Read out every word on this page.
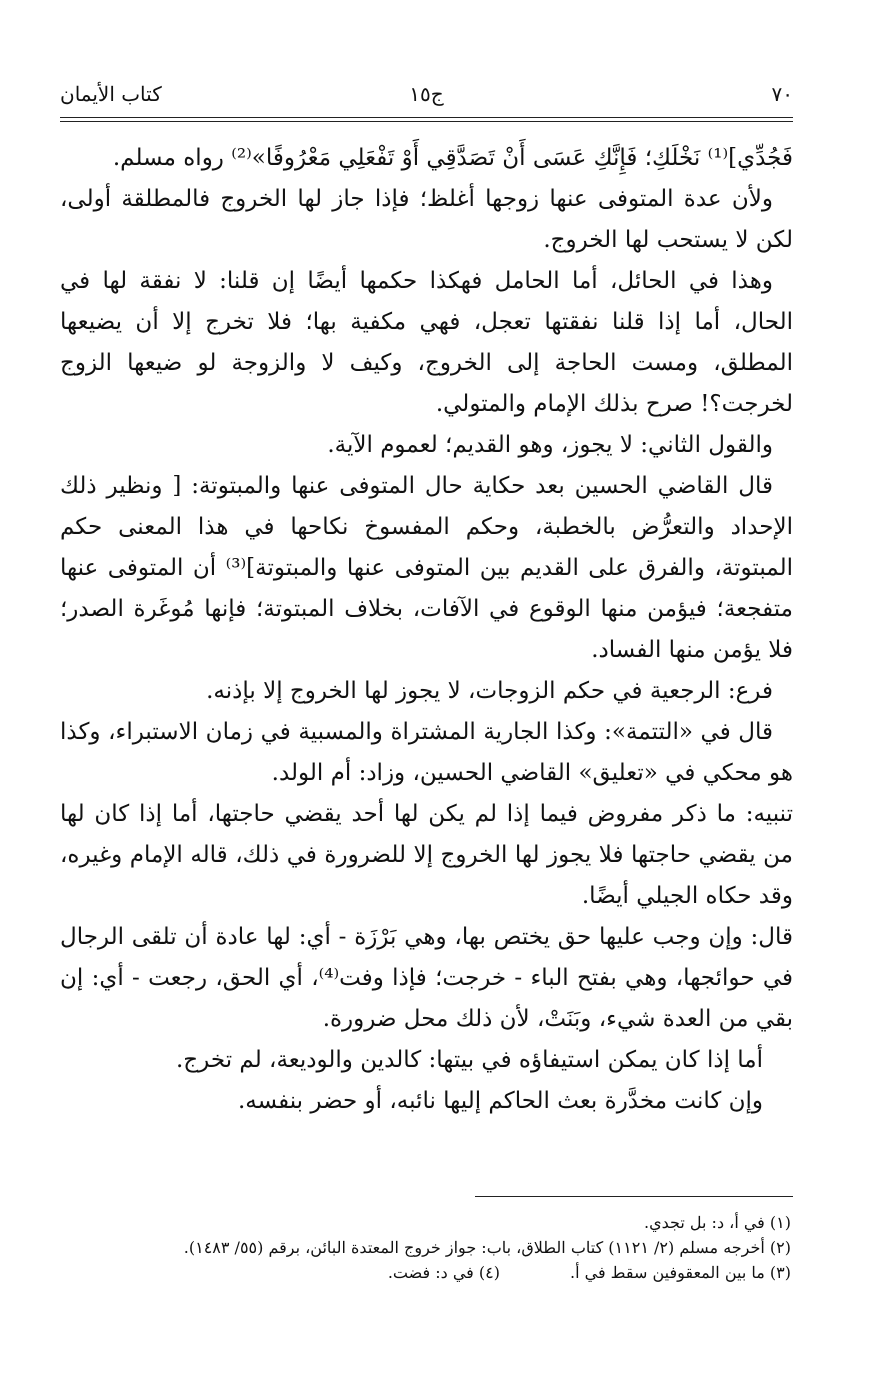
٧٠
ج١٥
كتاب الأيمان

فَجُدِّي]⁽¹⁾ نَخْلَكِ؛ فَإِنَّكِ عَسَى أَنْ تَصَدَّقِي أَوْ تَفْعَلِي مَعْرُوفًا»⁽²⁾ رواه مسلم.

ولأن عدة المتوفى عنها زوجها أغلظ؛ فإذا جاز لها الخروج فالمطلقة أولى، لكن لا يستحب لها الخروج.

وهذا في الحائل، أما الحامل فهكذا حكمها أيضًا إن قلنا: لا نفقة لها في الحال، أما إذا قلنا نفقتها تعجل، فهي مكفية بها؛ فلا تخرج إلا أن يضيعها المطلق، ومست الحاجة إلى الخروج، وكيف لا والزوجة لو ضيعها الزوج لخرجت؟! صرح بذلك الإمام والمتولي.

والقول الثاني: لا يجوز، وهو القديم؛ لعموم الآية.

قال القاضي الحسين بعد حكاية حال المتوفى عنها والمبتوتة: [ ونظير ذلك الإحداد والتعرُّض بالخطبة، وحكم المفسوخ نكاحها في هذا المعنى حكم المبتوتة، والفرق على القديم بين المتوفى عنها والمبتوتة]⁽³⁾ أن المتوفى عنها متفجعة؛ فيؤمن منها الوقوع في الآفات، بخلاف المبتوتة؛ فإنها مُوغَرة الصدر؛ فلا يؤمن منها الفساد.

فرع: الرجعية في حكم الزوجات، لا يجوز لها الخروج إلا بإذنه.

قال في «التتمة»: وكذا الجارية المشتراة والمسبية في زمان الاستبراء، وكذا هو محكي في «تعليق» القاضي الحسين، وزاد: أم الولد.

تنبيه: ما ذكر مفروض فيما إذا لم يكن لها أحد يقضي حاجتها، أما إذا كان لها من يقضي حاجتها فلا يجوز لها الخروج إلا للضرورة في ذلك، قاله الإمام وغيره، وقد حكاه الجيلي أيضًا.

قال: وإن وجب عليها حق يختص بها، وهي بَرْزَة - أي: لها عادة أن تلقى الرجال في حوائجها، وهي بفتح الباء - خرجت؛ فإذا وفت⁽⁴⁾، أي الحق، رجعت - أي: إن بقي من العدة شيء، وبَنَتْ، لأن ذلك محل ضرورة.

أما إذا كان يمكن استيفاؤه في بيتها: كالدين والوديعة، لم تخرج.

وإن كانت مخدَّرة بعث الحاكم إليها نائبه، أو حضر بنفسه.

(١) في أ، د: بل تجدي.

(٢) أخرجه مسلم (٢/ ١١٢١) كتاب الطلاق، باب: جواز خروج المعتدة البائن، برقم (٥٥/ ١٤٨٣).

(٣) ما بين المعقوفين سقط في أ.
(٤) في د: فضت.
